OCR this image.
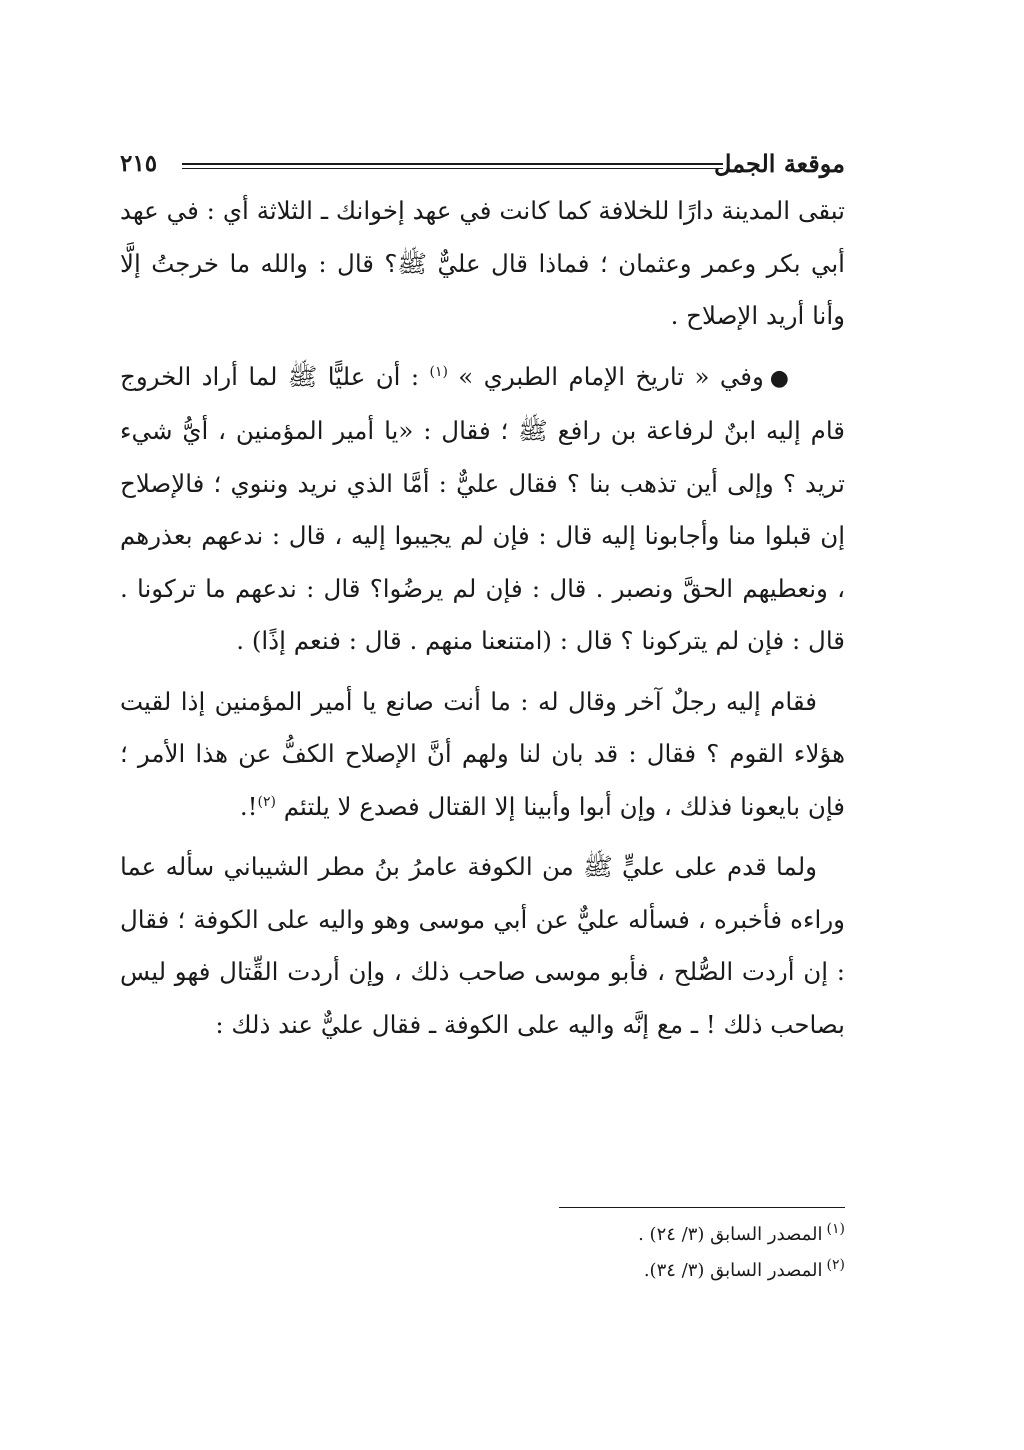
موقعة الجمل
٢١٥

تبقى المدينة دارًا للخلافة كما كانت في عهد إخوانك ـ الثلاثة أي : في عهد أبي بكر وعمر وعثمان ؛ فماذا قال عليٌّ ﷺ؟ قال : والله ما خرجتُ إلَّا وأنا أريد الإصلاح .

●وفي « تاريخ الإمام الطبري » $^{(١)}$ : أن عليًّا ﷺ لما أراد الخروج قام إليه ابنٌ لرفاعة بن رافع ﷺ ؛ فقال : «يا أمير المؤمنين ، أيُّ شيء تريد ؟ وإلى أين تذهب بنا ؟ فقال عليٌّ : أمَّا الذي نريد وننوي ؛ فالإصلاح إن قبلوا منا وأجابونا إليه قال : فإن لم يجيبوا إليه ، قال : ندعهم بعذرهم ، ونعطيهم الحقَّ ونصبر . قال : فإن لم يرضُوا؟ قال : ندعهم ما تركونا . قال : فإن لم يتركونا ؟ قال : (امتنعنا منهم . قال : فنعم إذًا) .

فقام إليه رجلٌ آخر وقال له : ما أنت صانع يا أمير المؤمنين إذا لقيت هؤلاء القوم ؟ فقال : قد بان لنا ولهم أنَّ الإصلاح الكفُّ عن هذا الأمر ؛ فإن بايعونا فذلك ، وإن أبوا وأبينا إلا القتال فصدع لا يلتئم $^{(٢)}$!.

ولما قدم على عليٍّ ﷺ من الكوفة عامرُ بنُ مطر الشيباني سأله عما وراءه فأخبره ، فسأله عليٌّ عن أبي موسى وهو واليه على الكوفة ؛ فقال : إن أردت الصُّلح ، فأبو موسى صاحب ذلك ، وإن أردت القِّتال فهو ليس بصاحب ذلك ! ـ مع إنَّه واليه على الكوفة ـ فقال عليٌّ عند ذلك :

$^{(١)}$المصدر السابق (٣/ ٢٤) .

$^{(٢)}$المصدر السابق (٣/ ٣٤).
